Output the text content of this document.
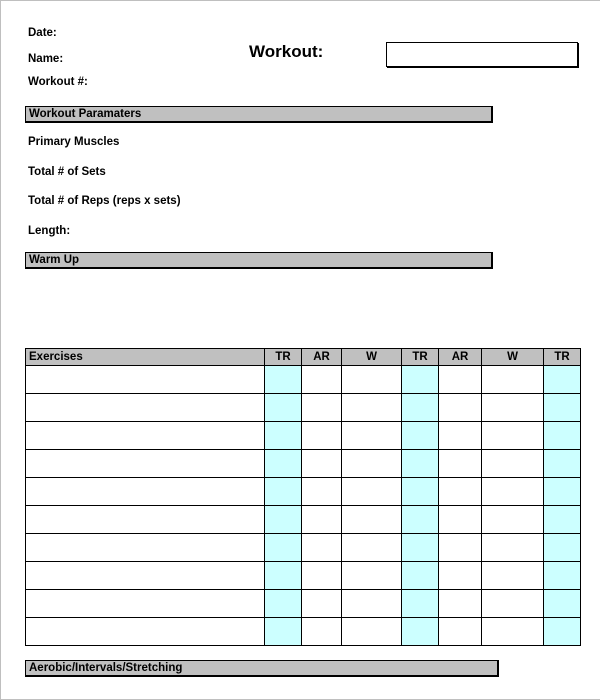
Date:
Name:
Workout #:
Workout:
Workout Paramaters
Primary Muscles
Total # of Sets
Total # of Reps (reps x sets)
Length:
Warm Up
Exercises	TR	AR	W	TR	AR	W	TR

Aerobic/Intervals/Stretching
